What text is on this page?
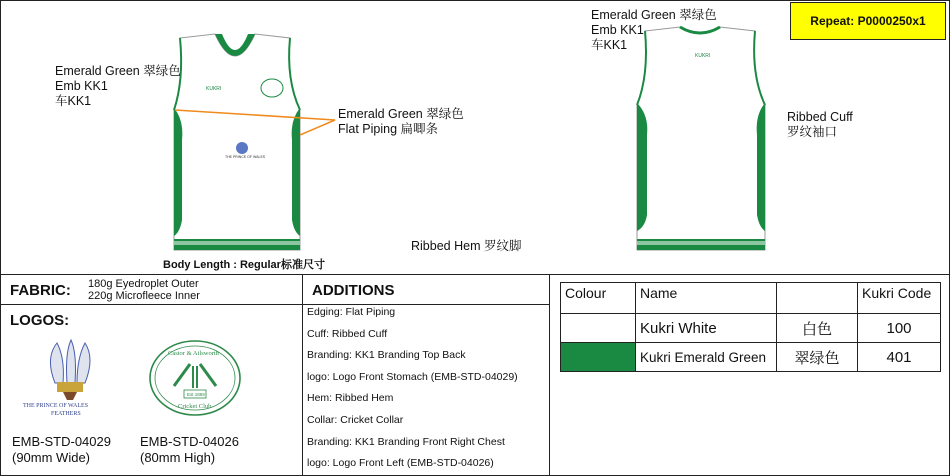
Repeat: P0000250x1
KUKRI
THE PRINCE OF WALES
KUKRI
Emerald Green 翠绿色
Emb KK1
车KK1
Emerald Green 翠绿色
Flat Piping 扁唧条
Body Length : Regular标准尺寸
Ribbed Hem 罗纹脚
Emerald Green 翠绿色
Emb KK1
车KK1
Ribbed Cuff
罗纹袖口
FABRIC: 180g Eyedroplet Outer
220g Microfleece Inner
LOGOS:
THE PRINCE OF WALES
FEATHERS
Castor & Ailsworth
Est 1869
Cricket Club
EMB-STD-04029
(90mm Wide)
EMB-STD-04026
(80mm High)
ADDITIONS
Edging: Flat Piping
Cuff: Ribbed Cuff
Branding: KK1 Branding Top Back
logo: Logo Front Stomach (EMB-STD-04029)
Hem: Ribbed Hem
Collar: Cricket Collar
Branding: KK1 Branding Front Right Chest
logo: Logo Front Left (EMB-STD-04026)
Colour	Name		Kukri Code
	Kukri White	白色	100
	Kukri Emerald Green	翠绿色	401
